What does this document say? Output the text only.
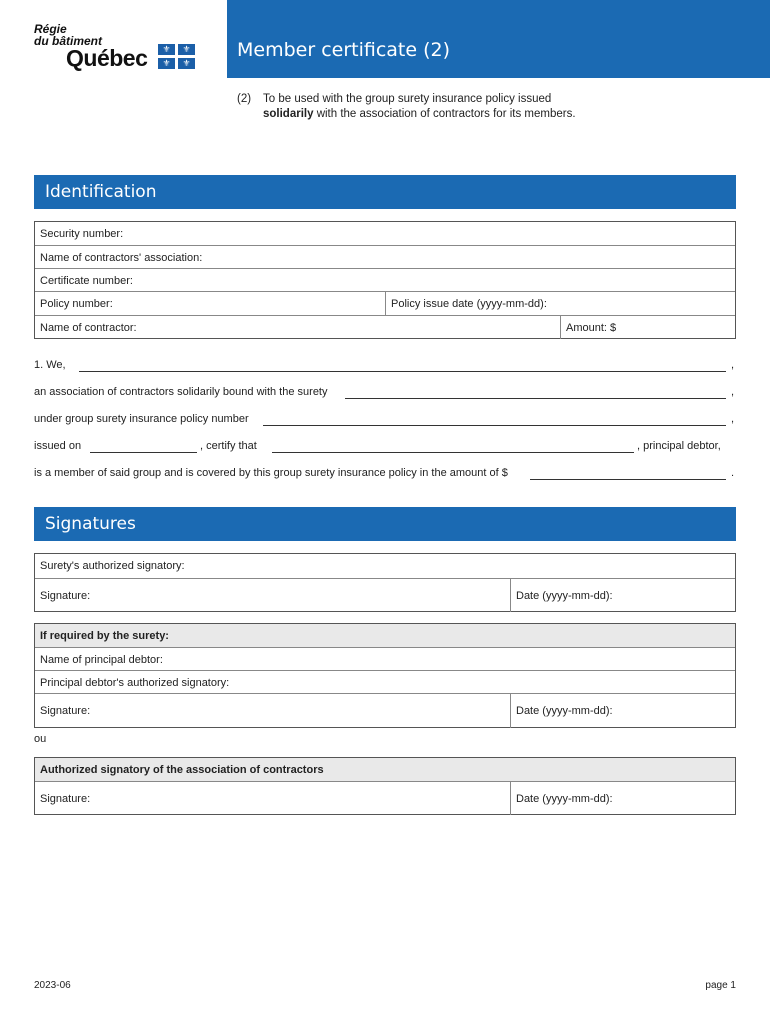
Régie
du bâtiment
Québec	⚜	⚜
⚜	⚜
Member certificate (2)
(2) To be used with the group surety insurance policy issued
solidarily with the association of contractors for its members.
Identification
Security number:
Name of contractors' association:
Certificate number:
Policy number:	Policy issue date (yyyy-mm-dd):
Name of contractor:	Amount: $
1. We,	,
an association of contractors solidarily bound with the surety	,
under group surety insurance policy number	,
issued on	, certify that	, principal debtor,
is a member of said group and is covered by this group surety insurance policy in the amount of $	.
Signatures
Surety's authorized signatory:
Signature:	Date (yyyy-mm-dd):
If required by the surety:
Name of principal debtor:
Principal debtor's authorized signatory:
Signature:	Date (yyyy-mm-dd):
ou
Authorized signatory of the association of contractors
Signature:	Date (yyyy-mm-dd):
2023-06	page 1
